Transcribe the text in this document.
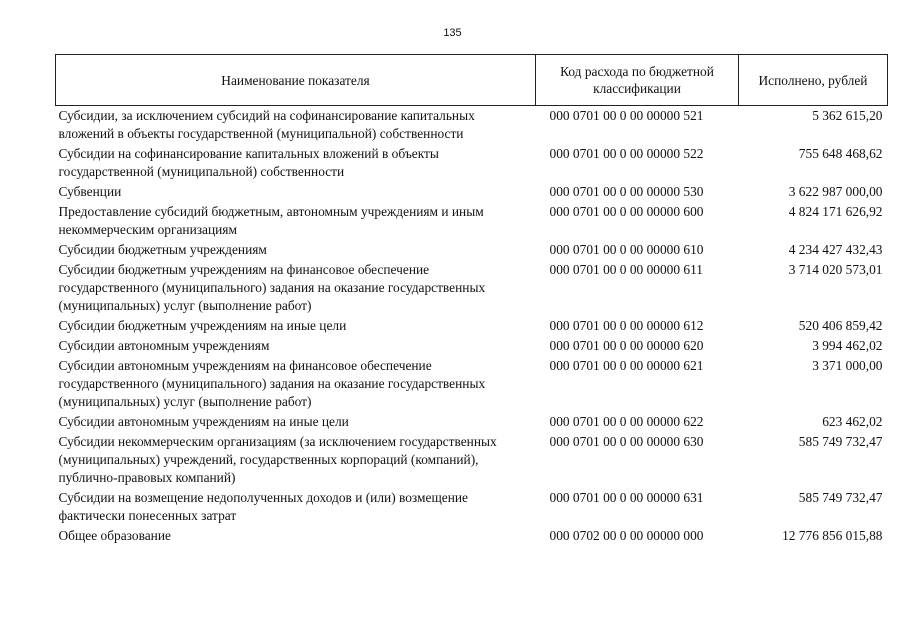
135
Наименование показателя	Код расхода по бюджетной классификации	Исполнено, рублей
Субсидии, за исключением субсидий на софинансирование капитальных вложений в объекты государственной (муниципальной) собственности	000 0701 00 0 00 00000 521	5 362 615,20
Субсидии на софинансирование капитальных вложений в объекты государственной (муниципальной) собственности	000 0701 00 0 00 00000 522	755 648 468,62
Субвенции	000 0701 00 0 00 00000 530	3 622 987 000,00
Предоставление субсидий бюджетным, автономным учреждениям и иным некоммерческим организациям	000 0701 00 0 00 00000 600	4 824 171 626,92
Субсидии бюджетным учреждениям	000 0701 00 0 00 00000 610	4 234 427 432,43
Субсидии бюджетным учреждениям на финансовое обеспечение государственного (муниципального) задания на оказание государственных (муниципальных) услуг (выполнение работ)	000 0701 00 0 00 00000 611	3 714 020 573,01
Субсидии бюджетным учреждениям на иные цели	000 0701 00 0 00 00000 612	520 406 859,42
Субсидии автономным учреждениям	000 0701 00 0 00 00000 620	3 994 462,02
Субсидии автономным учреждениям на финансовое обеспечение государственного (муниципального) задания на оказание государственных (муниципальных) услуг (выполнение работ)	000 0701 00 0 00 00000 621	3 371 000,00
Субсидии автономным учреждениям на иные цели	000 0701 00 0 00 00000 622	623 462,02
Субсидии некоммерческим организациям (за исключением государственных (муниципальных) учреждений, государственных корпораций (компаний), публично-правовых компаний)	000 0701 00 0 00 00000 630	585 749 732,47
Субсидии на возмещение недополученных доходов и (или) возмещение фактически понесенных затрат	000 0701 00 0 00 00000 631	585 749 732,47
Общее образование	000 0702 00 0 00 00000 000	12 776 856 015,88
